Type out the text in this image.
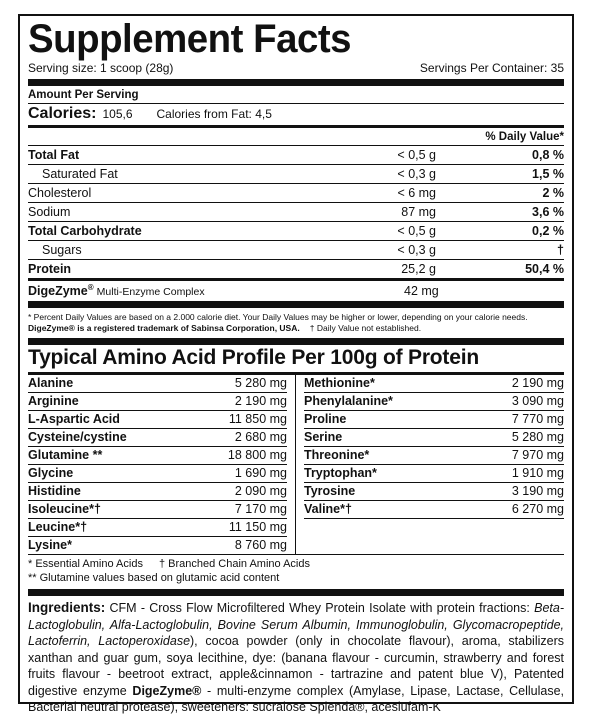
Supplement Facts
Serving size: 1 scoop (28g)	Servings Per Container: 35
Amount Per Serving
Calories: 105,6 Calories from Fat: 4,5
% Daily Value*
Total Fat	< 0,5 g	0,8 %
Saturated Fat	< 0,3 g	1,5 %
Cholesterol	< 6 mg	2 %
Sodium	87 mg	3,6 %
Total Carbohydrate	< 0,5 g	0,2 %
Sugars	< 0,3 g	†
Protein	25,2 g	50,4 %
DigeZyme® Multi-Enzyme Complex	42 mg
* Percent Daily Values are based on a 2.000 calorie diet. Your Daily Values may be higher or lower, depending on your calorie needs.
DigeZyme® is a registered trademark of Sabinsa Corporation, USA. † Daily Value not established.
Typical Amino Acid Profile Per 100g of Protein
Alanine	5 280 mg
Arginine	2 190 mg
L-Aspartic Acid	11 850 mg
Cysteine/cystine	2 680 mg
Glutamine **	18 800 mg
Glycine	1 690 mg
Histidine	2 090 mg
Isoleucine*†	7 170 mg
Leucine*†	11 150 mg
Lysine*	8 760 mg
Methionine*	2 190 mg
Phenylalanine*	3 090 mg
Proline	7 770 mg
Serine	5 280 mg
Threonine*	7 970 mg
Tryptophan*	1 910 mg
Tyrosine	3 190 mg
Valine*†	6 270 mg
* Essential Amino Acids † Branched Chain Amino Acids
** Glutamine values based on glutamic acid content
Ingredients: CFM - Cross Flow Microfiltered Whey Protein Isolate with protein fractions: Beta-Lactoglobulin, Alfa-Lactoglobulin, Bovine Serum Albumin, Immunoglobulin, Glycomacropeptide, Lactoferrin, Lactoperoxidase), cocoa powder (only in chocolate flavour), aroma, stabilizers xanthan and guar gum, soya lecithine, dye: (banana flavour - curcumin, strawberry and forest fruits flavour - beetroot extract, apple&cinnamon - tartrazine and patent blue V), Patented digestive enzyme DigeZyme® - multi-enzyme complex (Amylase, Lipase, Lactase, Cellulase, Bacterial neutral protease), sweeteners: sucralose Splenda®, aceslufam-K
